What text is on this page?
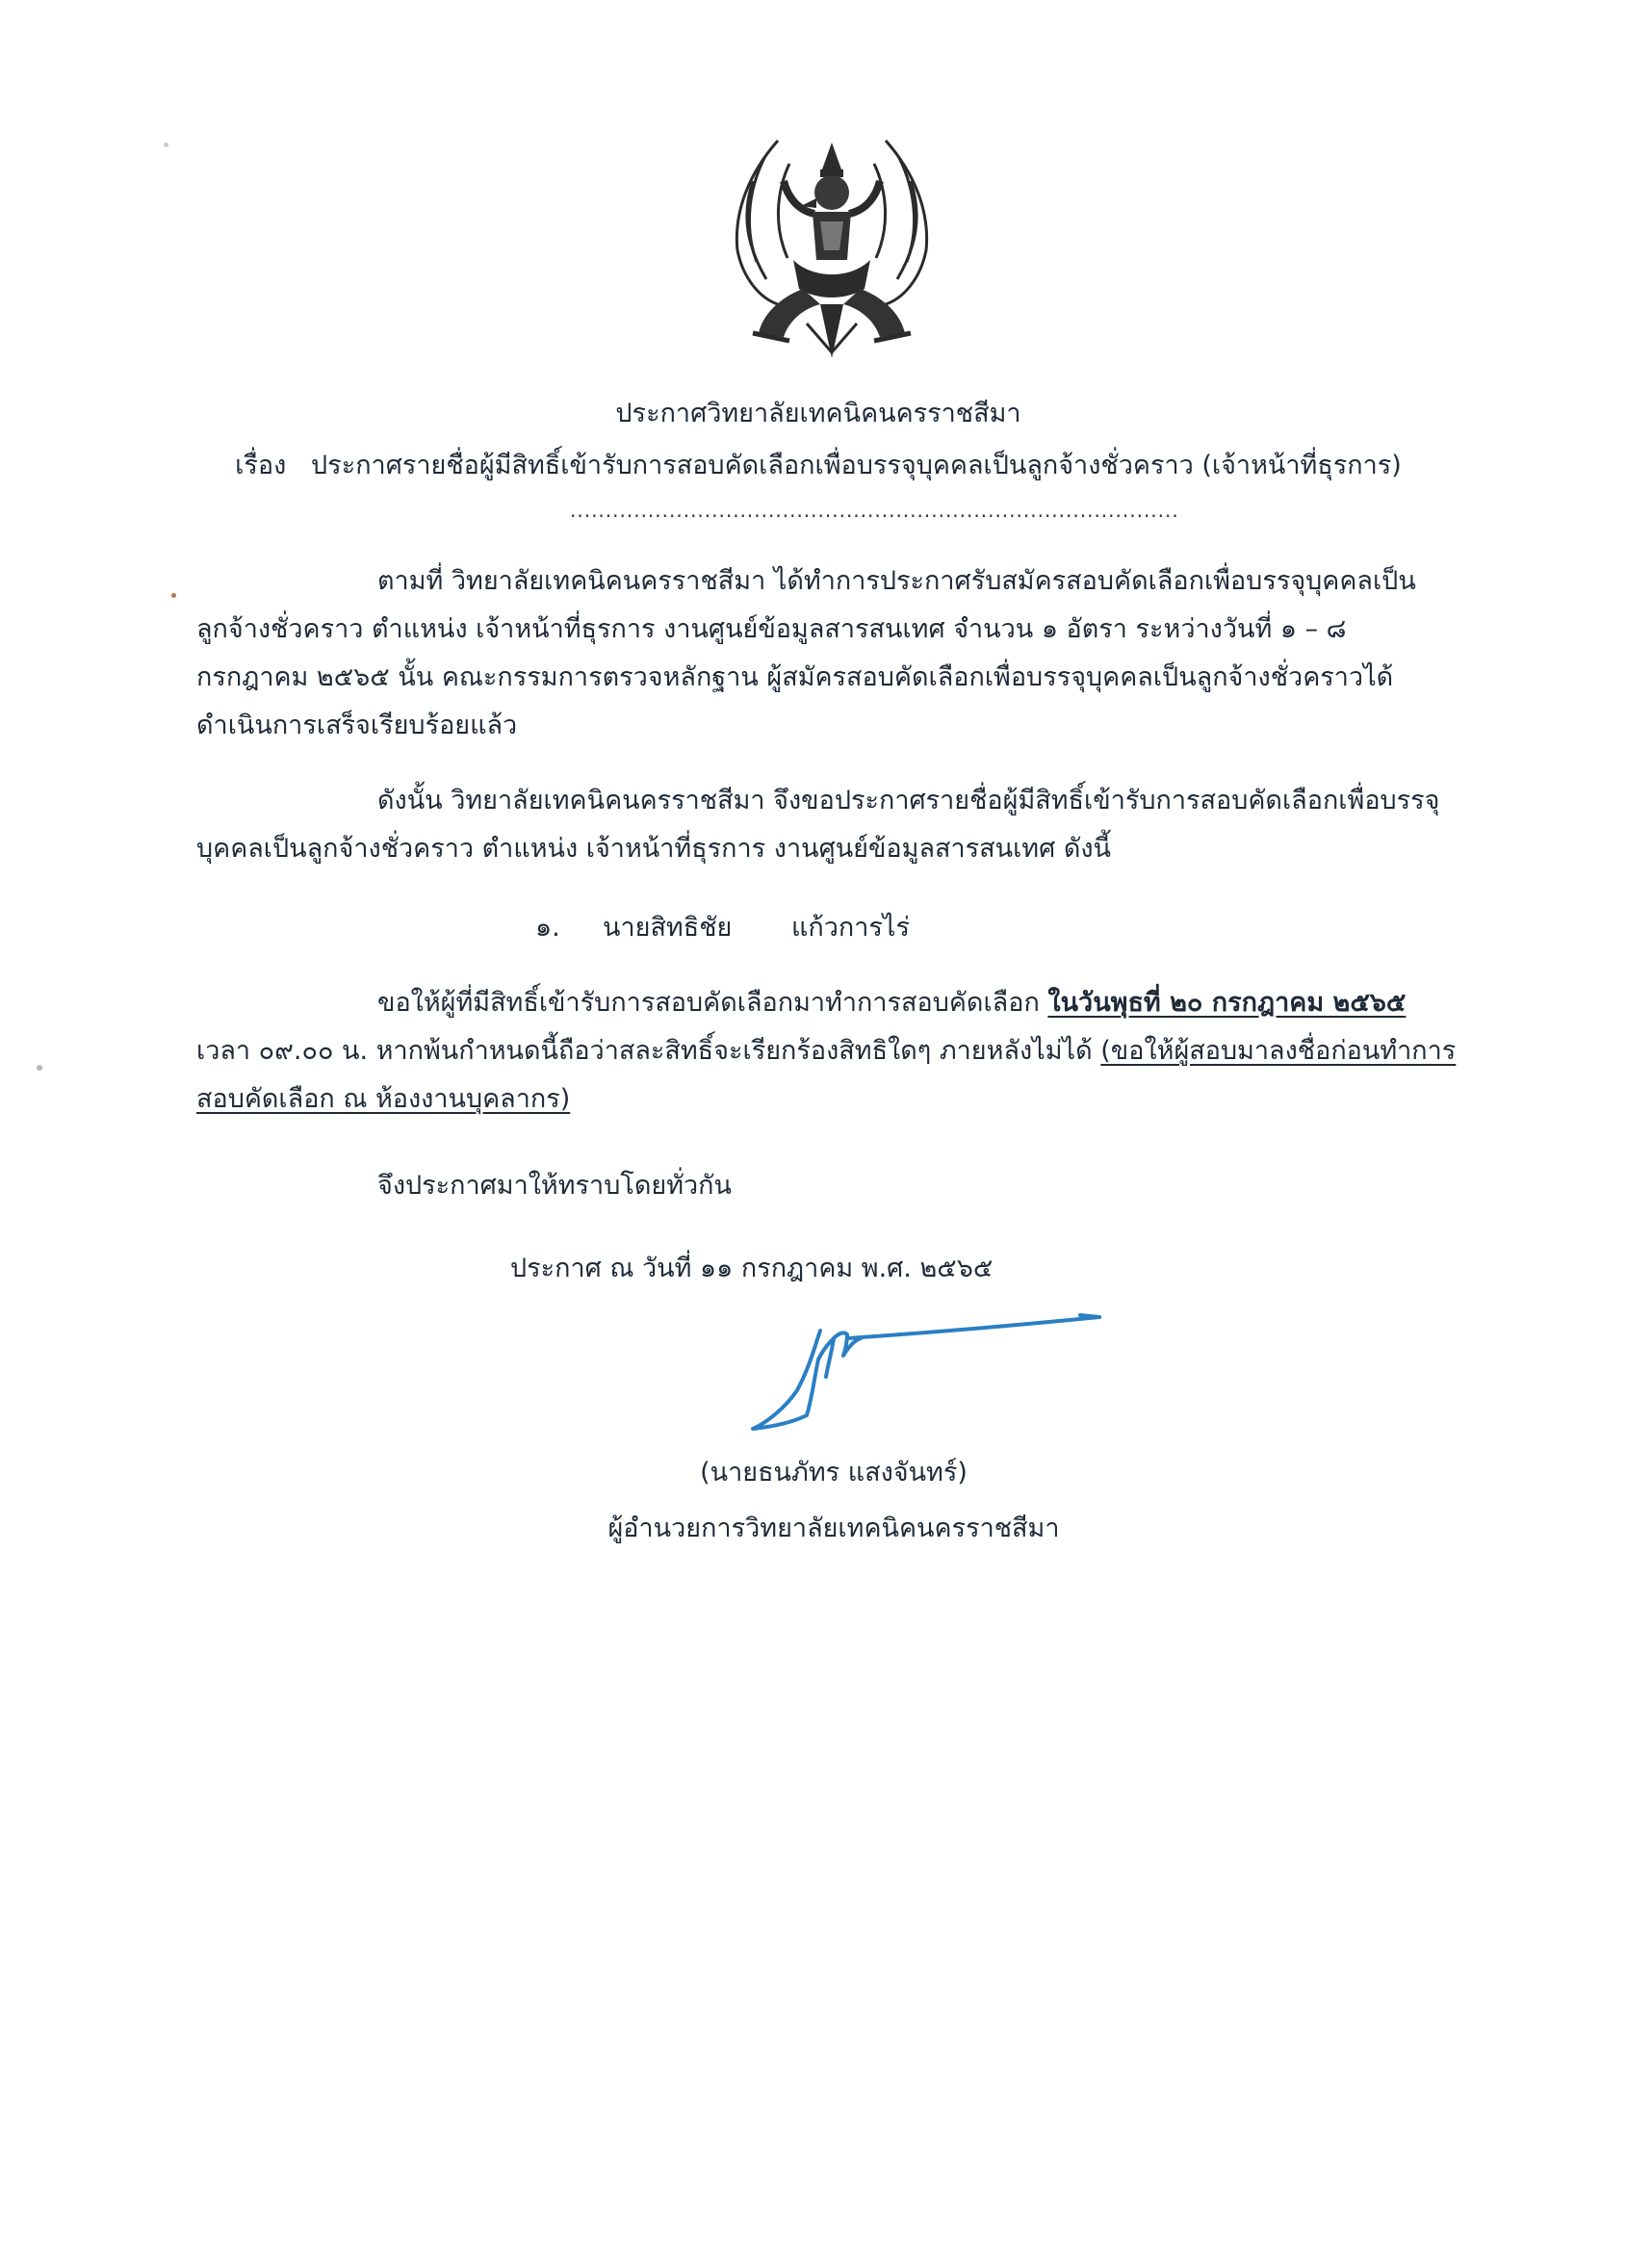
ประกาศวิทยาลัยเทคนิคนครราชสีมา
เรื่อง ประกาศรายชื่อผู้มีสิทธิ์เข้ารับการสอบคัดเลือกเพื่อบรรจุบุคคลเป็นลูกจ้างชั่วคราว (เจ้าหน้าที่ธุรการ)
......................................................................................
ตามที่ วิทยาลัยเทคนิคนครราชสีมา ได้ทำการประกาศรับสมัครสอบคัดเลือกเพื่อบรรจุบุคคลเป็น
ลูกจ้างชั่วคราว ตำแหน่ง เจ้าหน้าที่ธุรการ งานศูนย์ข้อมูลสารสนเทศ จำนวน ๑ อัตรา ระหว่างวันที่ ๑ – ๘
กรกฎาคม ๒๕๖๕ นั้น คณะกรรมการตรวจหลักฐาน ผู้สมัครสอบคัดเลือกเพื่อบรรจุบุคคลเป็นลูกจ้างชั่วคราวได้
ดำเนินการเสร็จเรียบร้อยแล้ว
ดังนั้น วิทยาลัยเทคนิคนครราชสีมา จึงขอประกาศรายชื่อผู้มีสิทธิ์เข้ารับการสอบคัดเลือกเพื่อบรรจุ
บุคคลเป็นลูกจ้างชั่วคราว ตำแหน่ง เจ้าหน้าที่ธุรการ งานศูนย์ข้อมูลสารสนเทศ ดังนี้
๑. นายสิทธิชัย แก้วการไร่
ขอให้ผู้ที่มีสิทธิ์เข้ารับการสอบคัดเลือกมาทำการสอบคัดเลือก ในวันพุธที่ ๒๐ กรกฎาคม ๒๕๖๕
เวลา ๐๙.๐๐ น. หากพ้นกำหนดนี้ถือว่าสละสิทธิ์จะเรียกร้องสิทธิใดๆ ภายหลังไม่ได้ (ขอให้ผู้สอบมาลงชื่อก่อนทำการ
สอบคัดเลือก ณ ห้องงานบุคลากร)
จึงประกาศมาให้ทราบโดยทั่วกัน
ประกาศ ณ วันที่ ๑๑ กรกฎาคม พ.ศ. ๒๕๖๕
(นายธนภัทร แสงจันทร์)
ผู้อำนวยการวิทยาลัยเทคนิคนครราชสีมา
